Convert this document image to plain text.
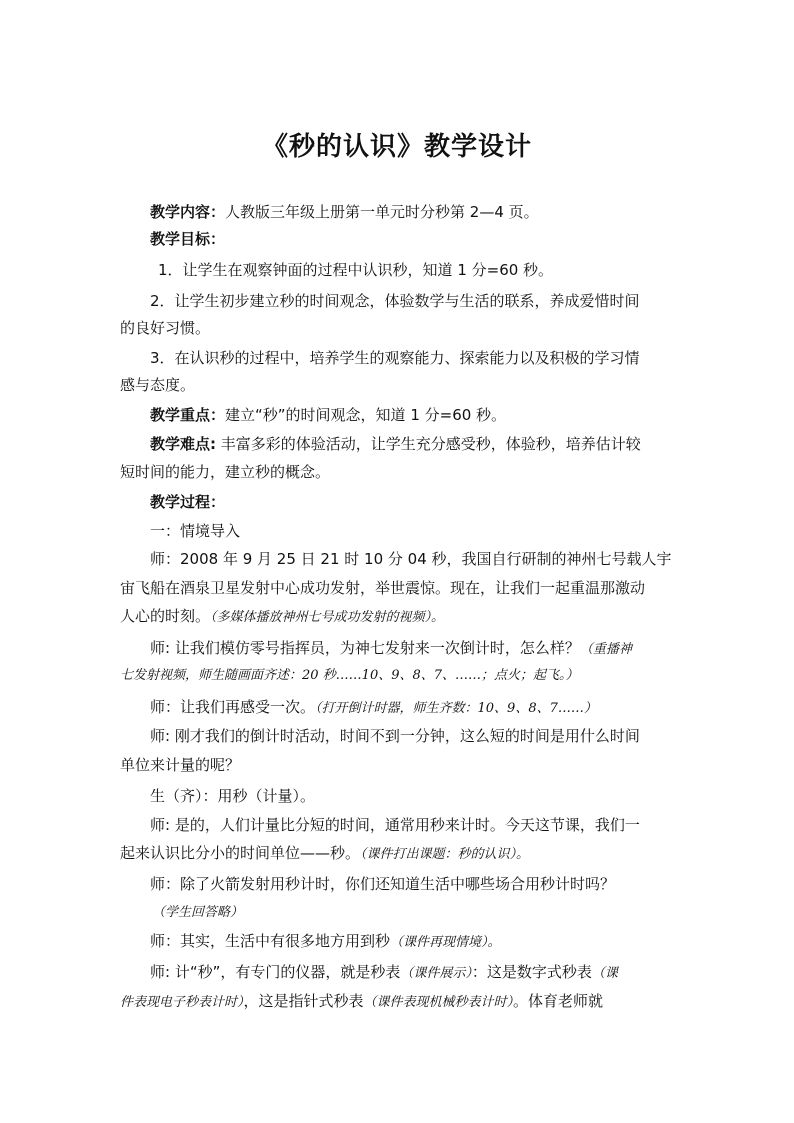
《秒的认识》教学设计
教学内容：人教版三年级上册第一单元时分秒第 2—4 页。
教学目标：
1．让学生在观察钟面的过程中认识秒，知道 1 分=60 秒。
2．让学生初步建立秒的时间观念，体验数学与生活的联系，养成爱惜时间
的良好习惯。
3．在认识秒的过程中，培养学生的观察能力、探索能力以及积极的学习情
感与态度。
教学重点：建立“秒”的时间观念，知道 1 分=60 秒。
教学难点: 丰富多彩的体验活动，让学生充分感受秒，体验秒，培养估计较
短时间的能力，建立秒的概念。
教学过程：
一：情境导入
师：2008 年 9 月 25 日 21 时 10 分 04 秒，我国自行研制的神州七号载人宇
宙飞船在酒泉卫星发射中心成功发射，举世震惊。现在，让我们一起重温那激动
人心的时刻。（多媒体播放神州七号成功发射的视频）。
师: 让我们模仿零号指挥员，为神七发射来一次倒计时，怎么样？（重播神
七发射视频，师生随画面齐述：20 秒……10、9、8、7、……；点火；起飞。）
师：让我们再感受一次。（打开倒计时器，师生齐数：10、9、8、7……）
师: 刚才我们的倒计时活动，时间不到一分钟，这么短的时间是用什么时间
单位来计量的呢？
生（齐）：用秒（计量）。
师: 是的，人们计量比分短的时间，通常用秒来计时。今天这节课，我们一
起来认识比分小的时间单位——秒。（课件打出课题：秒的认识）。
师：除了火箭发射用秒计时，你们还知道生活中哪些场合用秒计时吗？
（学生回答略）
师：其实，生活中有很多地方用到秒（课件再现情境）。
师: 计“秒”，有专门的仪器，就是秒表（课件展示）：这是数字式秒表（课
件表现电子秒表计时），这是指针式秒表（课件表现机械秒表计时）。体育老师就
